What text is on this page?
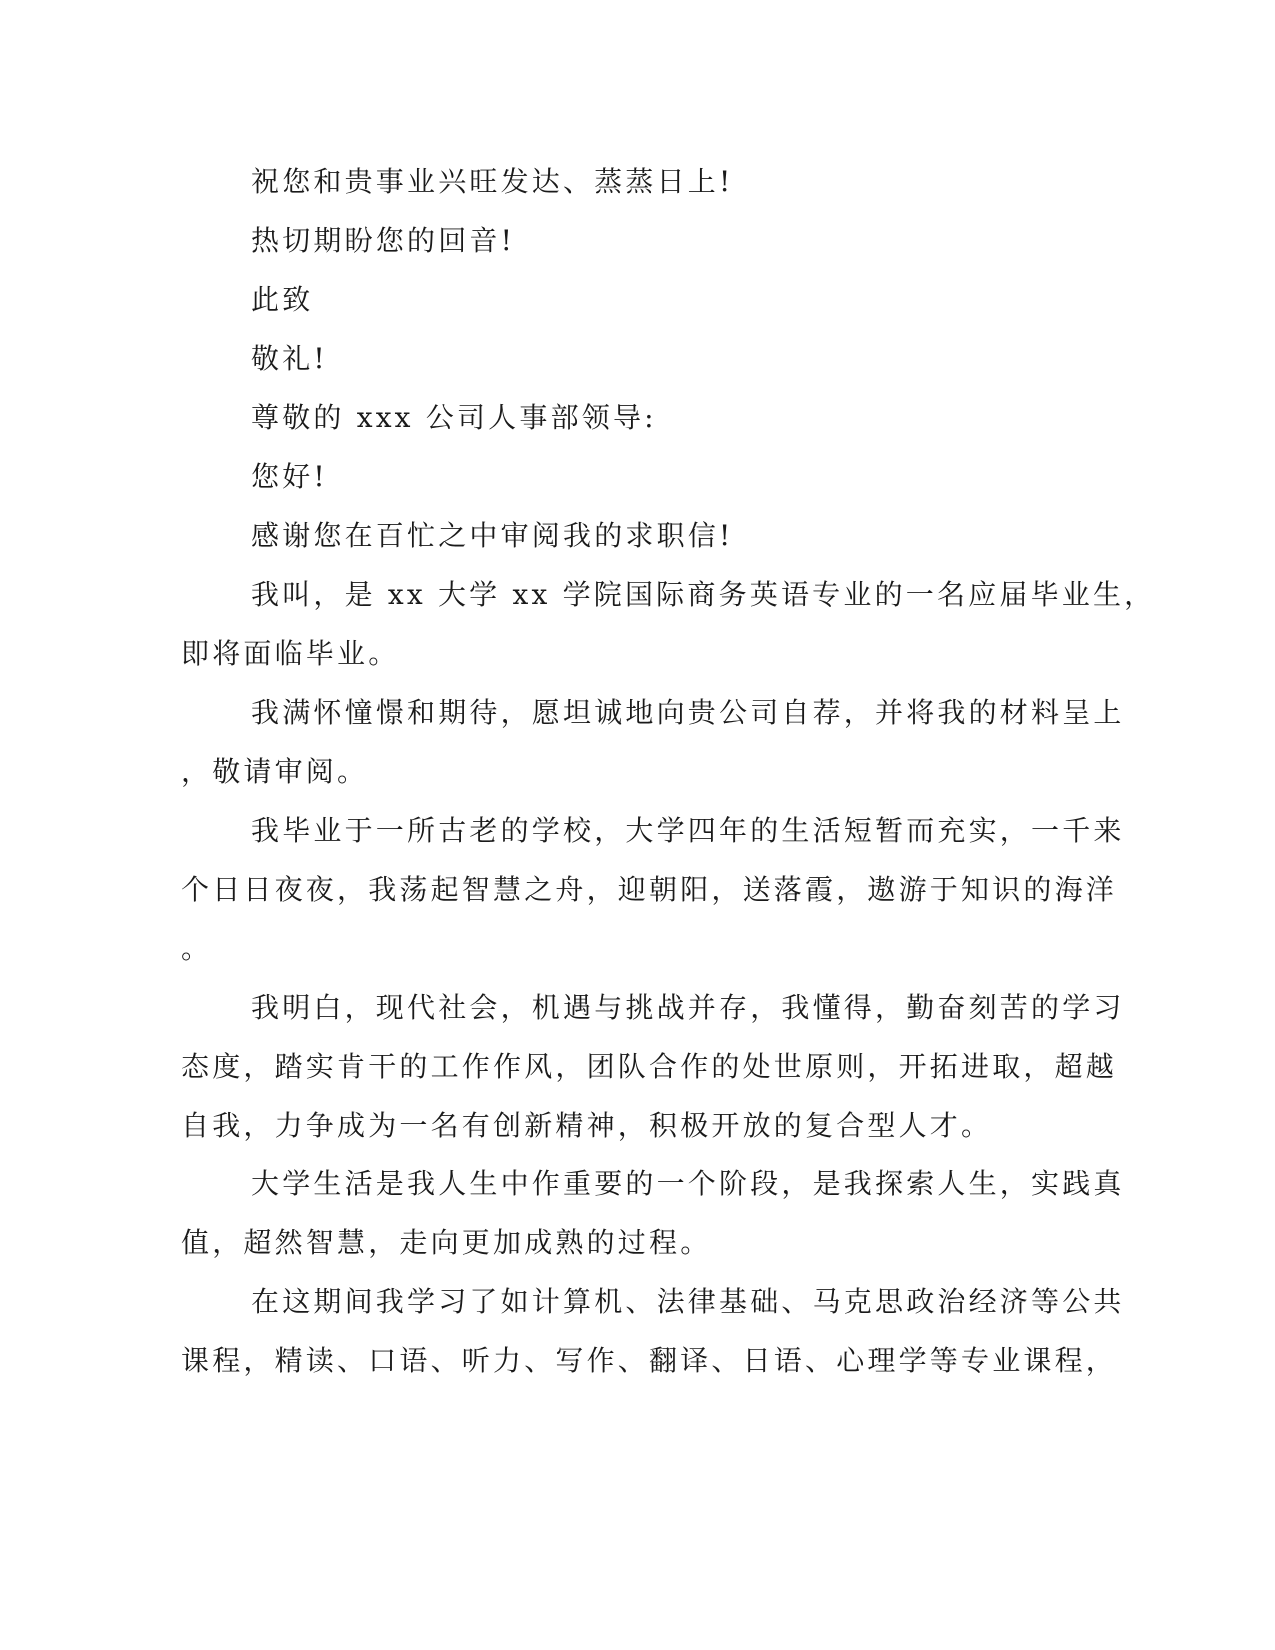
祝您和贵事业兴旺发达、蒸蒸日上!
热切期盼您的回音!
此致
敬礼!
尊敬的 xxx 公司人事部领导:
您好!
感谢您在百忙之中审阅我的求职信!
我叫，是 xx 大学 xx 学院国际商务英语专业的一名应届毕业生，
即将面临毕业。
我满怀憧憬和期待，愿坦诚地向贵公司自荐，并将我的材料呈上
，敬请审阅。
我毕业于一所古老的学校，大学四年的生活短暂而充实，一千来
个日日夜夜，我荡起智慧之舟，迎朝阳，送落霞，遨游于知识的海洋
。
我明白，现代社会，机遇与挑战并存，我懂得，勤奋刻苦的学习
态度，踏实肯干的工作作风，团队合作的处世原则，开拓进取，超越
自我，力争成为一名有创新精神，积极开放的复合型人才。
大学生活是我人生中作重要的一个阶段，是我探索人生，实践真
值，超然智慧，走向更加成熟的过程。
在这期间我学习了如计算机、法律基础、马克思政治经济等公共
课程，精读、口语、听力、写作、翻译、日语、心理学等专业课程，
